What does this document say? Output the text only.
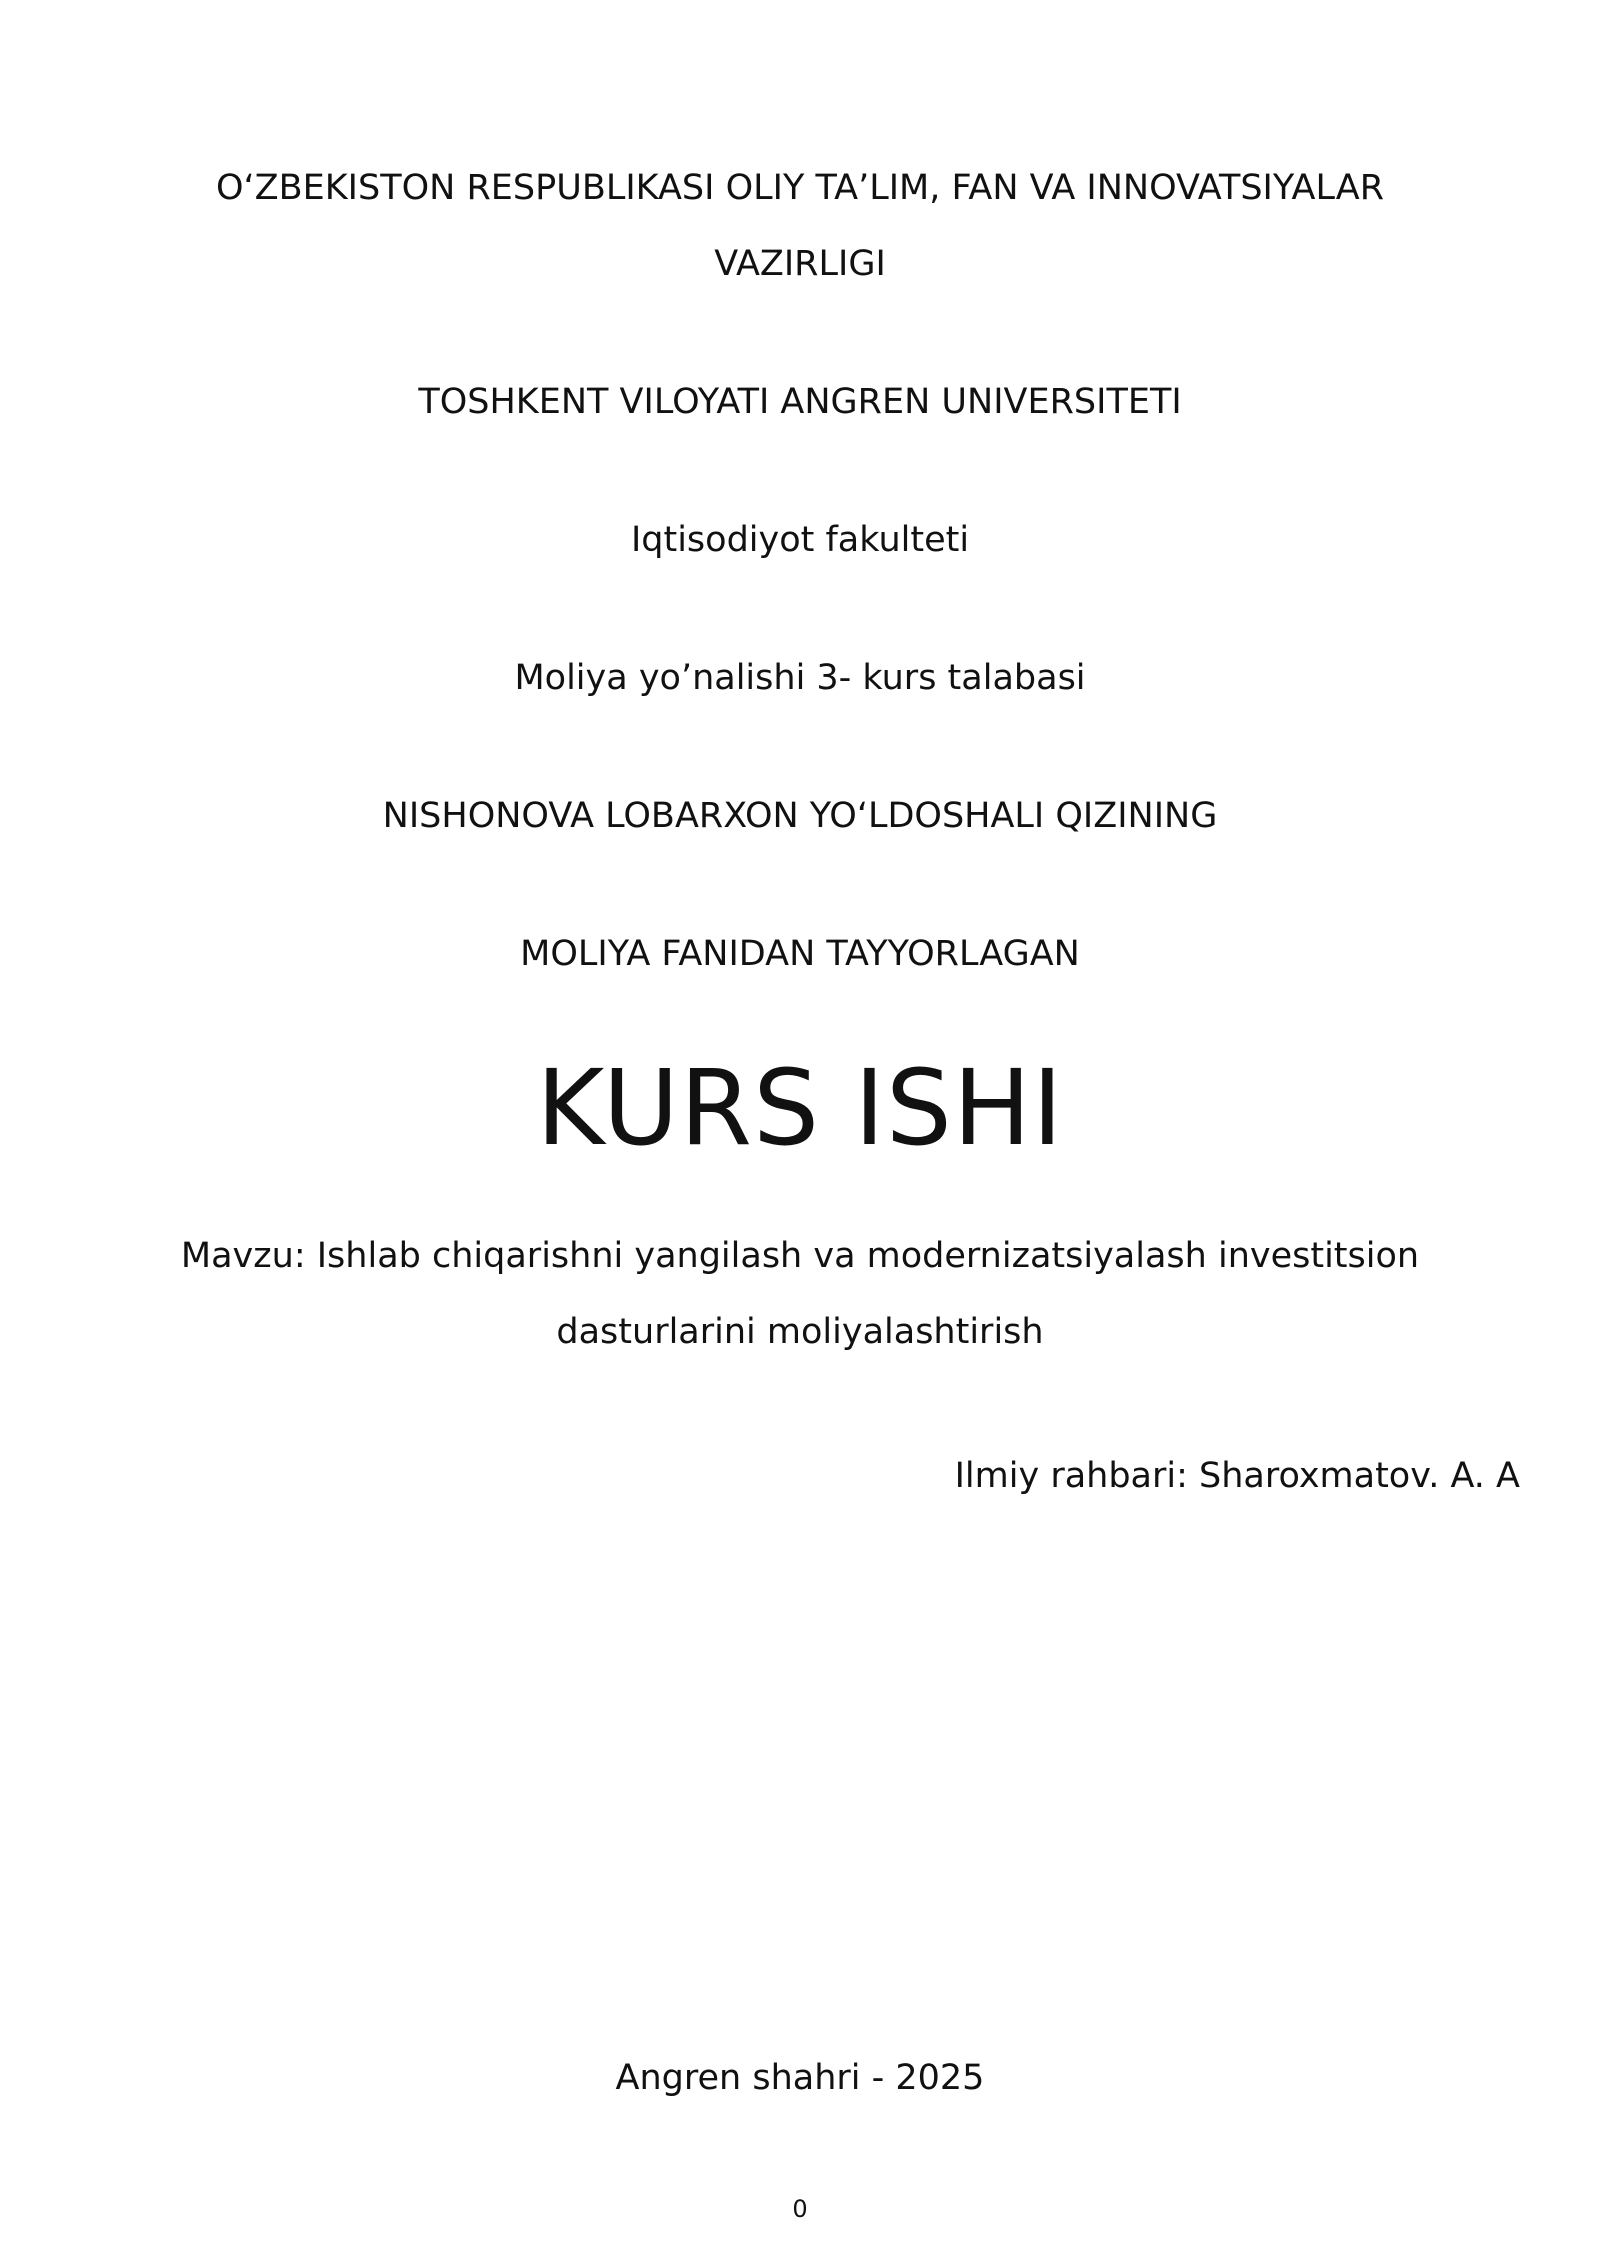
O‘ZBEKISTON RESPUBLIKASI OLIY TA’LIM, FAN VA INNOVATSIYALAR
VAZIRLIGI
TOSHKENT VILOYATI ANGREN UNIVERSITETI
Iqtisodiyot fakulteti
Moliya yo’nalishi 3- kurs talabasi
NISHONOVA LOBARXON YO‘LDOSHALI QIZINING
MOLIYA FANIDAN TAYYORLAGAN
KURS ISHI
Mavzu: Ishlab chiqarishni yangilash va modernizatsiyalash investitsion
dasturlarini moliyalashtirish
Ilmiy rahbari: Sharoxmatov. A. A
Angren shahri - 2025
0
